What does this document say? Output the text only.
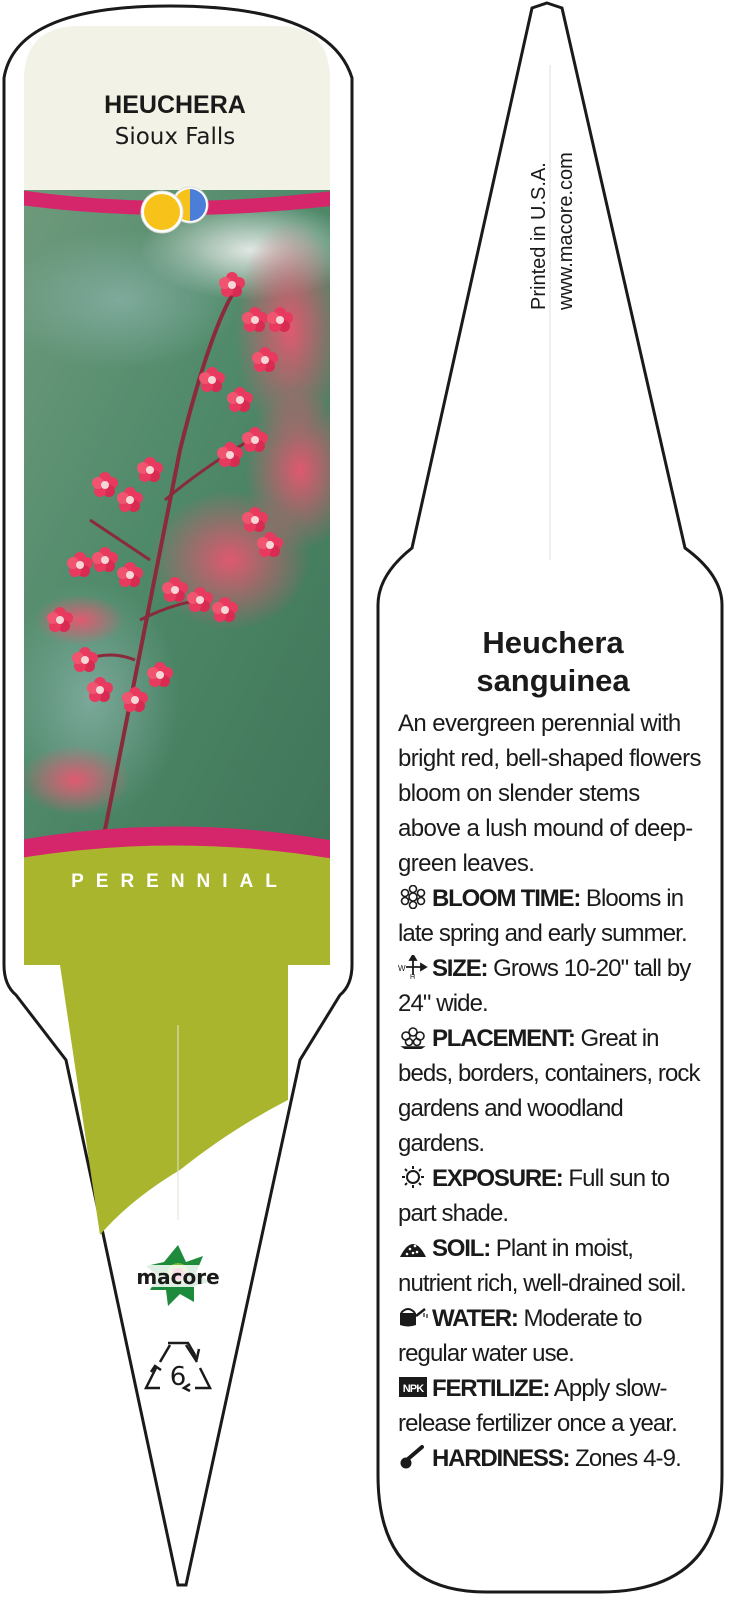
HEUCHERA
Sioux Falls
PERENNIAL
macore
6
Printed in U.S.A. www.macore.com
Heuchera
sanguinea
An evergreen perennial with bright red, bell-shaped flowers bloom on slender stems above a lush mound of deep-green leaves.
BLOOM TIME: Blooms in late spring and early summer.
W
H SIZE: Grows 10-20" tall by 24" wide.
PLACEMENT: Great in beds, borders, containers, rock gardens and woodland gardens.
EXPOSURE: Full sun to part shade.
SOIL: Plant in moist, nutrient rich, well-drained soil.
WATER: Moderate to regular water use.
NPK FERTILIZE: Apply slow-release fertilizer once a year.
HARDINESS: Zones 4-9.
